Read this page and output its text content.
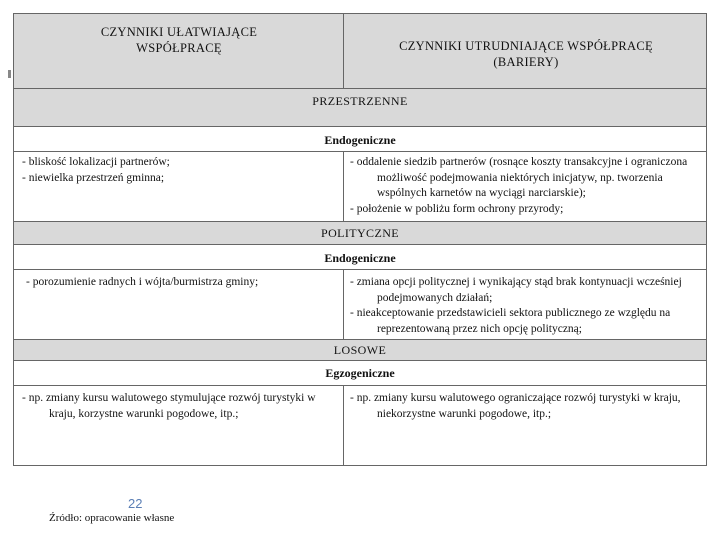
CZYNNIKI UŁATWIAJĄCE WSPÓŁPRACĘ	CZYNNIKI UTRUDNIAJĄCE WSPÓŁPRACĘ
(BARIERY)
PRZESTRZENNE
Endogeniczne
- bliskość lokalizacji partnerów;
- niewielka przestrzeń gminna;
- oddalenie siedzib partnerów (rosnące koszty transakcyjne i ograniczona możliwość podejmowania niektórych inicjatyw, np. tworzenia wspólnych karnetów na wyciągi narciarskie);
- położenie w pobliżu form ochrony przyrody;
POLITYCZNE
Endogeniczne
- porozumienie radnych i wójta/burmistrza gminy;	- zmiana opcji politycznej i wynikający stąd brak kontynuacji wcześniej podejmowanych działań;
- nieakceptowanie przedstawicieli sektora publicznego ze względu na reprezentowaną przez nich opcję polityczną;
LOSOWE
Egzogeniczne
- np. zmiany kursu walutowego stymulujące rozwój turystyki w kraju, korzystne warunki pogodowe, itp.;
- np. zmiany kursu walutowego ograniczające rozwój turystyki w kraju, niekorzystne warunki pogodowe, itp.;
22
Źródło: opracowanie własne
